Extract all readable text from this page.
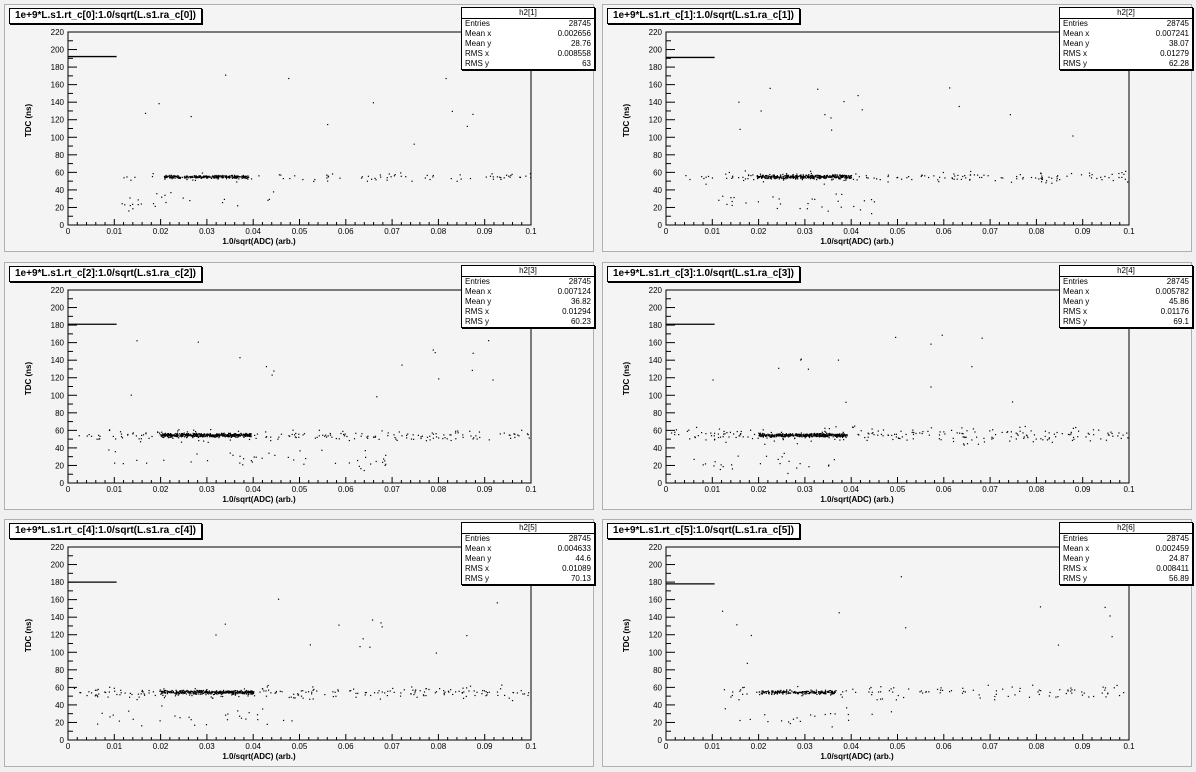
0	0.01	0.02	0.03	0.04	0.05	0.06	0.07	0.08	0.09	0.1
0
20
40
60
80
100
120
140
160
180
200
220
1.0/sqrt(ADC) (arb.)
TDC (ns)
1e+9*L.s1.rt_c[0]:1.0/sqrt(L.s1.ra_c[0])	h2[1]
Entries	28745
Mean x	0.002656
Mean y	28.76
RMS x	0.008558
RMS y	63
0	0.01	0.02	0.03	0.04	0.05	0.06	0.07	0.08	0.09	0.1
0
20
40
60
80
100
120
140
160
180
200
220
1.0/sqrt(ADC) (arb.)
TDC (ns)
1e+9*L.s1.rt_c[1]:1.0/sqrt(L.s1.ra_c[1])	h2[2]
Entries	28745
Mean x	0.007241
Mean y	38.07
RMS x	0.01279
RMS y	62.28
0	0.01	0.02	0.03	0.04	0.05	0.06	0.07	0.08	0.09	0.1
0
20
40
60
80
100
120
140
160
180
200
220
1.0/sqrt(ADC) (arb.)
TDC (ns)
1e+9*L.s1.rt_c[2]:1.0/sqrt(L.s1.ra_c[2])	h2[3]
Entries	28745
Mean x	0.007124
Mean y	36.82
RMS x	0.01294
RMS y	60.23
0	0.01	0.02	0.03	0.04	0.05	0.06	0.07	0.08	0.09	0.1
0
20
40
60
80
100
120
140
160
180
200
220
1.0/sqrt(ADC) (arb.)
TDC (ns)
1e+9*L.s1.rt_c[3]:1.0/sqrt(L.s1.ra_c[3])	h2[4]
Entries	28745
Mean x	0.005782
Mean y	45.86
RMS x	0.01176
RMS y	69.1
0	0.01	0.02	0.03	0.04	0.05	0.06	0.07	0.08	0.09	0.1
0
20
40
60
80
100
120
140
160
180
200
220
1.0/sqrt(ADC) (arb.)
TDC (ns)
1e+9*L.s1.rt_c[4]:1.0/sqrt(L.s1.ra_c[4])	h2[5]
Entries	28745
Mean x	0.004633
Mean y	44.6
RMS x	0.01089
RMS y	70.13
0	0.01	0.02	0.03	0.04	0.05	0.06	0.07	0.08	0.09	0.1
0
20
40
60
80
100
120
140
160
180
200
220
1.0/sqrt(ADC) (arb.)
TDC (ns)
1e+9*L.s1.rt_c[5]:1.0/sqrt(L.s1.ra_c[5])	h2[6]
Entries	28745
Mean x	0.002459
Mean y	24.87
RMS x	0.008411
RMS y	56.89
